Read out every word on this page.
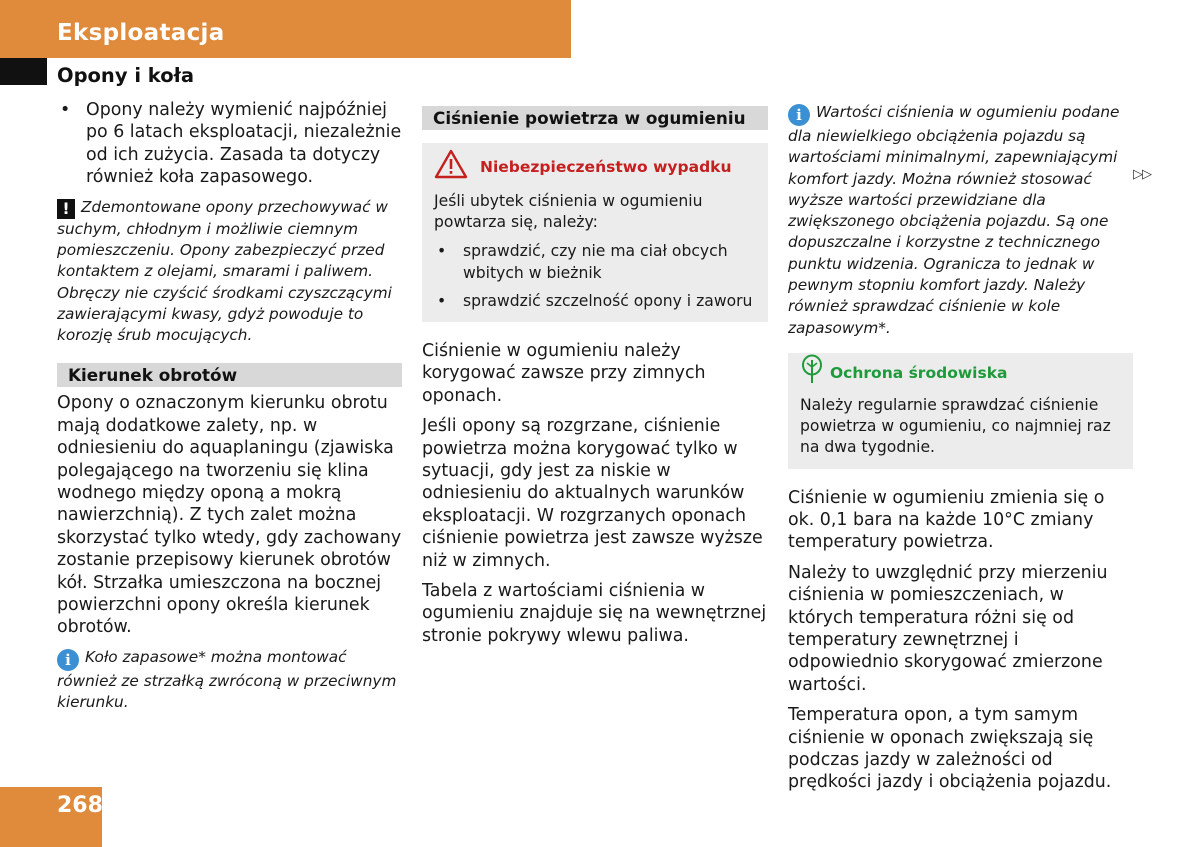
Eksploatacja
Opony i koła
• Opony należy wymienić najpóźniej po 6 latach eksploatacji, niezależnie od ich zużycia. Zasada ta dotyczy również koła zapasowego.

! Zdemontowane opony przechowywać w suchym, chłodnym i możliwie ciemnym pomieszczeniu. Opony zabezpieczyć przed kontaktem z olejami, smarami i paliwem. Obręczy nie czyścić środkami czyszczącymi zawierającymi kwasy, gdyż powoduje to korozję śrub mocujących.

Kierunek obrotów

Opony o oznaczonym kierunku obrotu mają dodatkowe zalety, np. w odniesieniu do aquaplaningu (zjawiska polegającego na tworzeniu się klina wodnego między oponą a mokrą nawierzchnią). Z tych zalet można skorzystać tylko wtedy, gdy zachowany zostanie przepisowy kierunek obrotów kół. Strzałka umieszczona na bocznej powierzchni opony określa kierunek obrotów.

i Koło zapasowe* można montować również ze strzałką zwróconą w przeciwnym kierunku.

Ciśnienie powietrza w ogumieniu
Niebezpieczeństwo wypadku

Jeśli ubytek ciśnienia w ogumieniu powtarza się, należy:

• sprawdzić, czy nie ma ciał obcych wbitych w bieżnik
• sprawdzić szczelność opony i zaworu

Ciśnienie w ogumieniu należy korygować zawsze przy zimnych oponach.

Jeśli opony są rozgrzane, ciśnienie powietrza można korygować tylko w sytuacji, gdy jest za niskie w odniesieniu do aktualnych warunków eksploatacji. W rozgrzanych oponach ciśnienie powietrza jest zawsze wyższe niż w zimnych.

Tabela z wartościami ciśnienia w ogumieniu znajduje się na wewnętrznej stronie pokrywy wlewu paliwa.

i Wartości ciśnienia w ogumieniu podane dla niewielkiego obciążenia pojazdu są wartościami minimalnymi, zapewniającymi komfort jazdy. Można również stosować wyższe wartości przewidziane dla zwiększonego obciążenia pojazdu. Są one dopuszczalne i korzystne z technicznego punktu widzenia. Ogranicza to jednak w pewnym stopniu komfort jazdy. Należy również sprawdzać ciśnienie w kole zapasowym*.

Ochrona środowiska

Należy regularnie sprawdzać ciśnienie powietrza w ogumieniu, co najmniej raz na dwa tygodnie.

Ciśnienie w ogumieniu zmienia się o ok. 0,1 bara na każde 10°C zmiany temperatury powietrza.

Należy to uwzględnić przy mierzeniu ciśnienia w pomieszczeniach, w których temperatura różni się od temperatury zewnętrznej i odpowiednio skorygować zmierzone wartości.

Temperatura opon, a tym samym ciśnienie w oponach zwiększają się podczas jazdy w zależności od prędkości jazdy i obciążenia pojazdu.

▷▷
268
